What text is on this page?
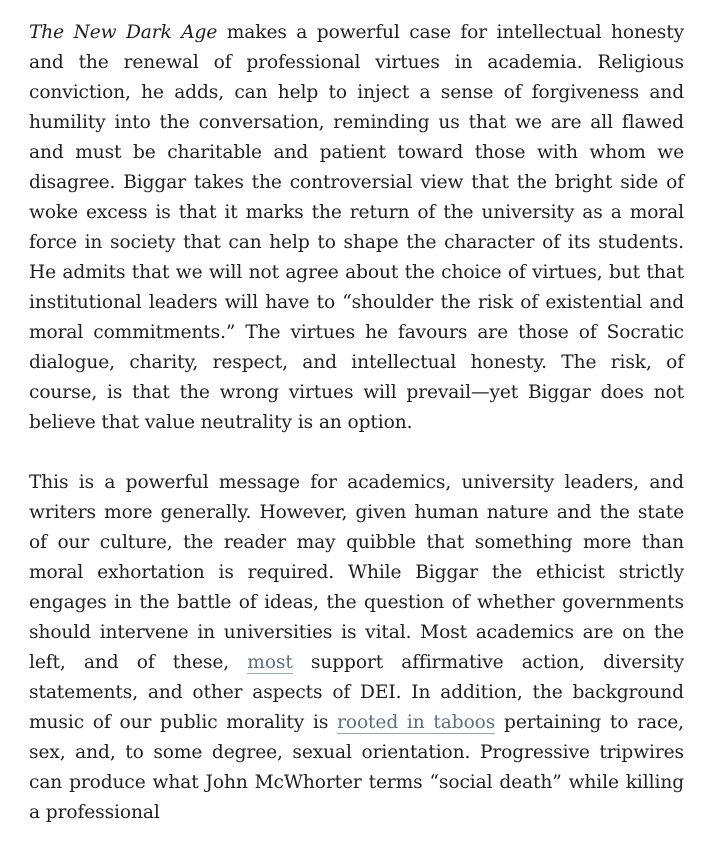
The New Dark Age makes a powerful case for intellectual honesty and the renewal of professional virtues in academia. Religious conviction, he adds, can help to inject a sense of forgiveness and humility into the conversation, reminding us that we are all flawed and must be charitable and patient toward those with whom we disagree. Biggar takes the controversial view that the bright side of woke excess is that it marks the return of the university as a moral force in society that can help to shape the character of its students. He admits that we will not agree about the choice of virtues, but that institutional leaders will have to “shoulder the risk of existential and moral commitments.” The virtues he favours are those of Socratic dialogue, charity, respect, and intellectual honesty. The risk, of course, is that the wrong virtues will prevail—yet Biggar does not believe that value neutrality is an option.

This is a powerful message for academics, university leaders, and writers more generally. However, given human nature and the state of our culture, the reader may quibble that something more than moral exhortation is required. While Biggar the ethicist strictly engages in the battle of ideas, the question of whether governments should intervene in universities is vital. Most academics are on the left, and of these, most support affirmative action, diversity statements, and other aspects of DEI. In addition, the background music of our public morality is rooted in taboos pertaining to race, sex, and, to some degree, sexual orientation. Progressive tripwires can produce what John McWhorter terms “social death” while killing a professional
